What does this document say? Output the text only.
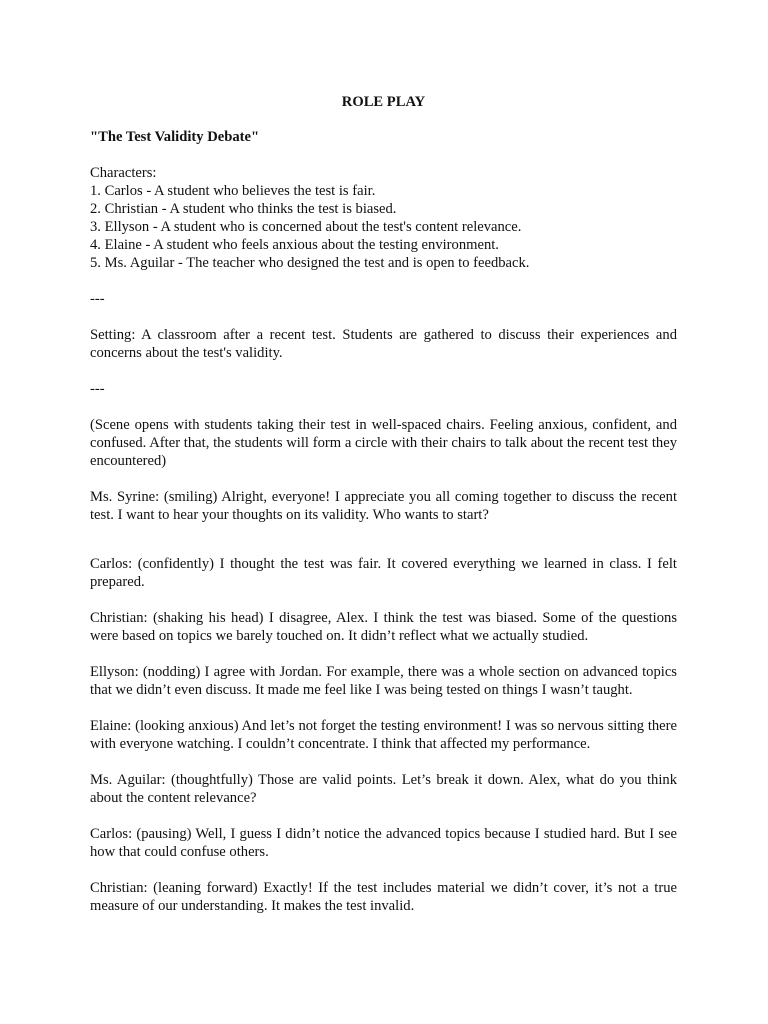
ROLE PLAY

"The Test Validity Debate"

Characters:

1. Carlos - A student who believes the test is fair.

2. Christian - A student who thinks the test is biased.

3. Ellyson - A student who is concerned about the test's content relevance.

4. Elaine - A student who feels anxious about the testing environment.

5. Ms. Aguilar - The teacher who designed the test and is open to feedback.

---

Setting: A classroom after a recent test. Students are gathered to discuss their experiences and concerns about the test's validity.

---

(Scene opens with students taking their test in well-spaced chairs. Feeling anxious, confident, and confused. After that, the students will form a circle with their chairs to talk about the recent test they encountered)

Ms. Syrine: (smiling) Alright, everyone! I appreciate you all coming together to discuss the recent test. I want to hear your thoughts on its validity. Who wants to start?

Carlos: (confidently) I thought the test was fair. It covered everything we learned in class. I felt prepared.

Christian: (shaking his head) I disagree, Alex. I think the test was biased. Some of the questions were based on topics we barely touched on. It didn’t reflect what we actually studied.

Ellyson: (nodding) I agree with Jordan. For example, there was a whole section on advanced topics that we didn’t even discuss. It made me feel like I was being tested on things I wasn’t taught.

Elaine: (looking anxious) And let’s not forget the testing environment! I was so nervous sitting there with everyone watching. I couldn’t concentrate. I think that affected my performance.

Ms. Aguilar: (thoughtfully) Those are valid points. Let’s break it down. Alex, what do you think about the content relevance?

Carlos: (pausing) Well, I guess I didn’t notice the advanced topics because I studied hard. But I see how that could confuse others.

Christian: (leaning forward) Exactly! If the test includes material we didn’t cover, it’s not a true measure of our understanding. It makes the test invalid.
